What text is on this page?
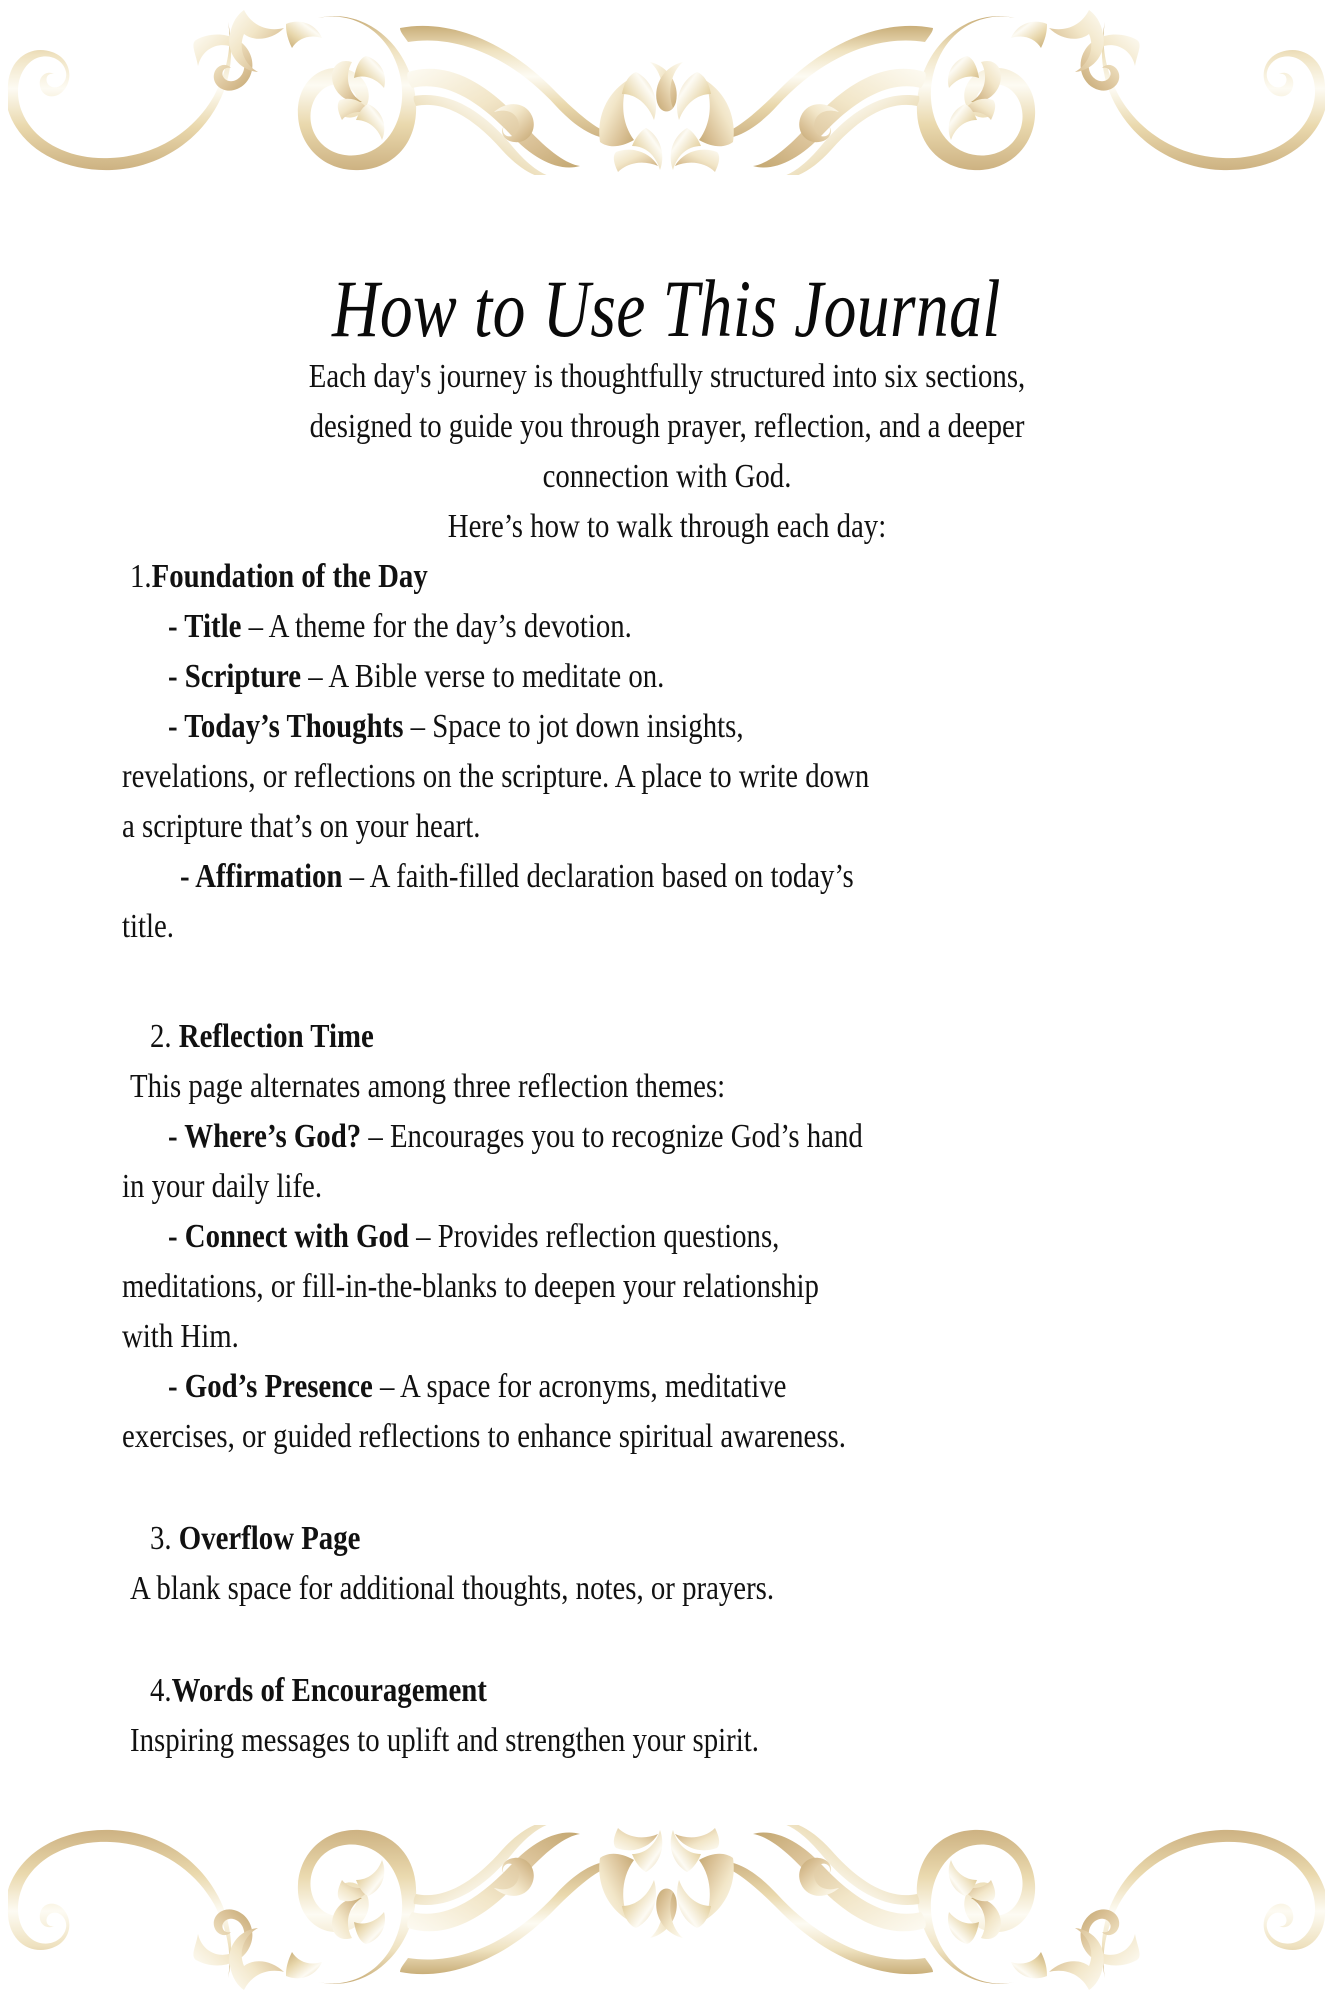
How to Use This Journal

Each day's journey is thoughtfully structured into six sections,

designed to guide you through prayer, reflection, and a deeper

connection with God.

Here’s how to walk through each day:

1.Foundation of the Day

- Title – A theme for the day’s devotion.

- Scripture – A Bible verse to meditate on.

- Today’s Thoughts – Space to jot down insights,

revelations, or reflections on the scripture. A place to write down

a scripture that’s on your heart.

- Affirmation – A faith-filled declaration based on today’s

title.

2. Reflection Time

This page alternates among three reflection themes:

- Where’s God? – Encourages you to recognize God’s hand

in your daily life.

- Connect with God – Provides reflection questions,

meditations, or fill-in-the-blanks to deepen your relationship

with Him.

- God’s Presence – A space for acronyms, meditative

exercises, or guided reflections to enhance spiritual awareness.

3. Overflow Page

A blank space for additional thoughts, notes, or prayers.

4.Words of Encouragement

Inspiring messages to uplift and strengthen your spirit.
